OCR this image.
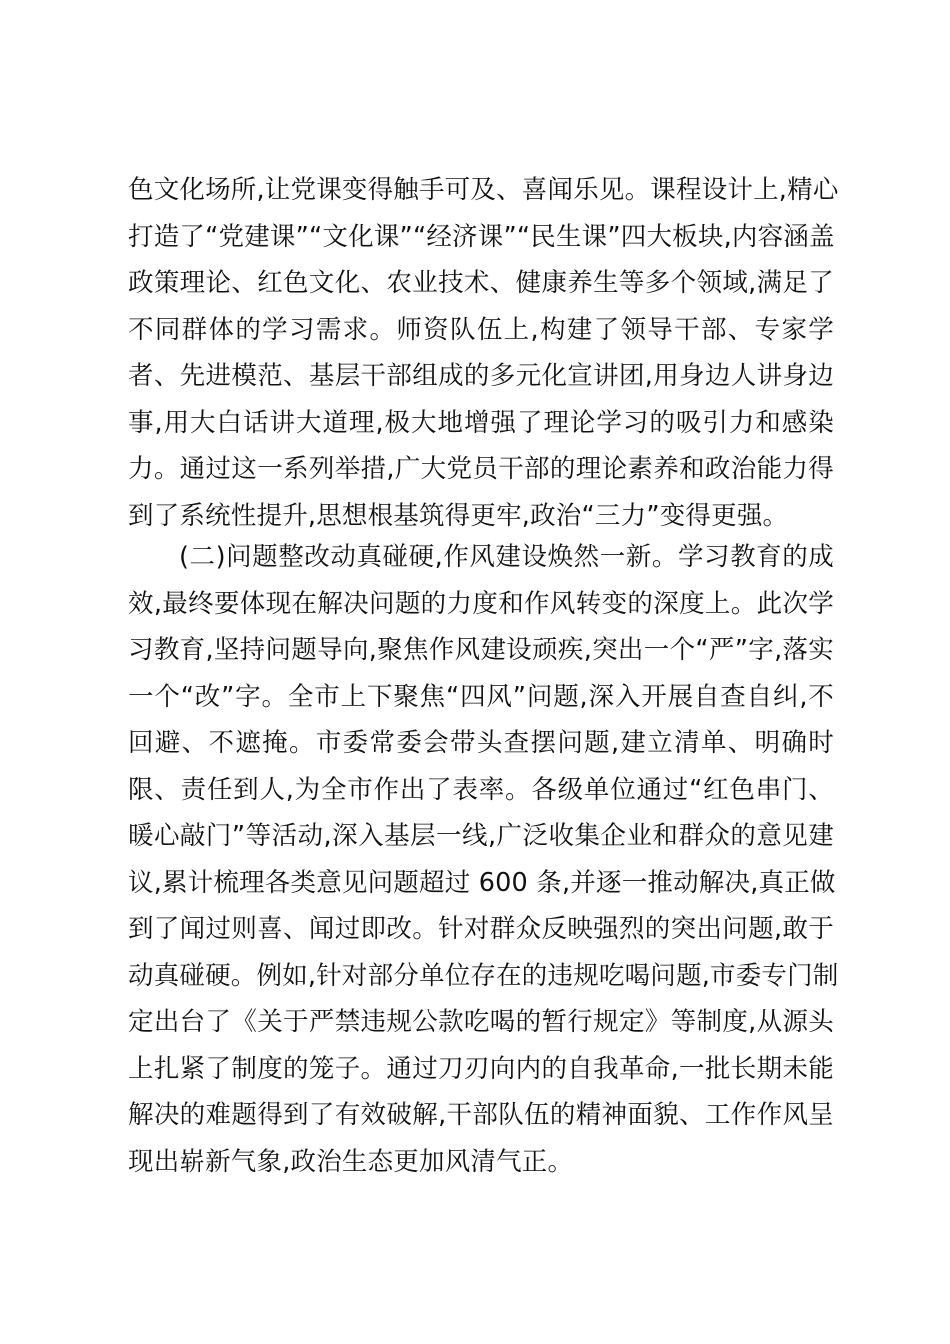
色文化场所,让党课变得触手可及、喜闻乐见。课程设计上,精心
打造了“党建课”“文化课”“经济课”“民生课”四大板块,内容涵盖
政策理论、红色文化、农业技术、健康养生等多个领域,满足了
不同群体的学习需求。师资队伍上,构建了领导干部、专家学
者、先进模范、基层干部组成的多元化宣讲团,用身边人讲身边
事,用大白话讲大道理,极大地增强了理论学习的吸引力和感染
力。通过这一系列举措,广大党员干部的理论素养和政治能力得
到了系统性提升,思想根基筑得更牢,政治“三力”变得更强。
(二)问题整改动真碰硬,作风建设焕然一新。学习教育的成
效,最终要体现在解决问题的力度和作风转变的深度上。此次学
习教育,坚持问题导向,聚焦作风建设顽疾,突出一个“严”字,落实
一个“改”字。全市上下聚焦“四风”问题,深入开展自查自纠,不
回避、不遮掩。市委常委会带头查摆问题,建立清单、明确时
限、责任到人,为全市作出了表率。各级单位通过“红色串门、
暖心敲门”等活动,深入基层一线,广泛收集企业和群众的意见建
议,累计梳理各类意见问题超过 600 条,并逐一推动解决,真正做
到了闻过则喜、闻过即改。针对群众反映强烈的突出问题,敢于
动真碰硬。例如,针对部分单位存在的违规吃喝问题,市委专门制
定出台了《关于严禁违规公款吃喝的暂行规定》等制度,从源头
上扎紧了制度的笼子。通过刀刃向内的自我革命,一批长期未能
解决的难题得到了有效破解,干部队伍的精神面貌、工作作风呈
现出崭新气象,政治生态更加风清气正。
